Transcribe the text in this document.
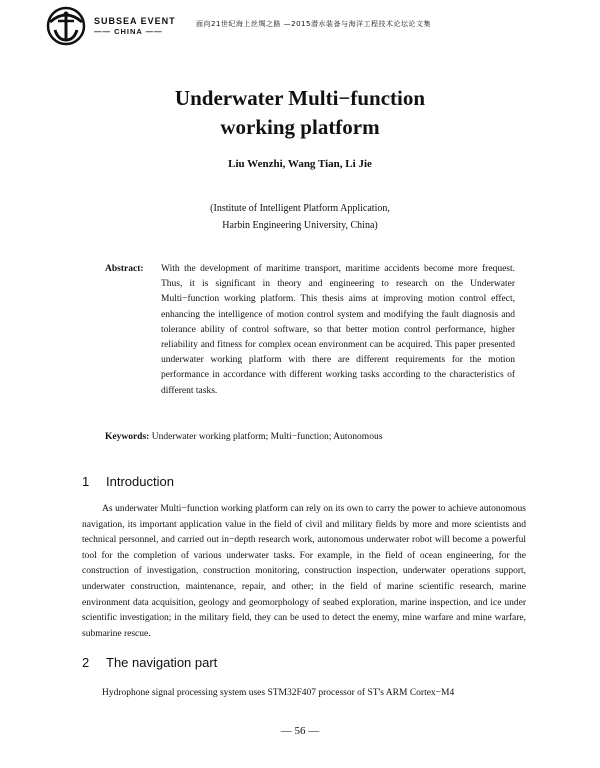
SUBSEA EVENT
—— CHINA ——
面向21世纪海上丝绸之路 —2015潜水装备与海洋工程技术论坛论文集
Underwater Multi−function
working platform
Liu Wenzhi, Wang Tian, Li Jie
(Institute of Intelligent Platform Application,
Harbin Engineering University, China)
Abstract:	With the development of maritime transport, maritime accidents become more frequest. Thus, it is significant in theory and engineering to research on the Underwater Multi−function working platform. This thesis aims at improving motion control effect, enhancing the intelligence of motion control system and modifying the fault diagnosis and tolerance ability of control software, so that better motion control performance, higher reliability and fitness for complex ocean environment can be acquired. This paper presented underwater working platform with there are different requirements for the motion performance in accordance with different working tasks according to the characteristics of different tasks.
Keywords: Underwater working platform; Multi−function; Autonomous
1 Introduction
As underwater Multi−function working platform can rely on its own to carry the power to achieve autonomous navigation, its important application value in the field of civil and military fields by more and more scientists and technical personnel, and carried out in−depth research work, autonomous underwater robot will become a powerful tool for the completion of various underwater tasks. For example, in the field of ocean engineering, for the construction of investigation, construction monitoring, construction inspection, underwater operations support, underwater construction, maintenance, repair, and other; in the field of marine scientific research, marine environment data acquisition, geology and geomorphology of seabed exploration, marine inspection, and ice under scientific investigation; in the military field, they can be used to detect the enemy, mine warfare and mine warfare, submarine rescue.
2 The navigation part
Hydrophone signal processing system uses STM32F407 processor of ST's ARM Cortex−M4
— 56 —
